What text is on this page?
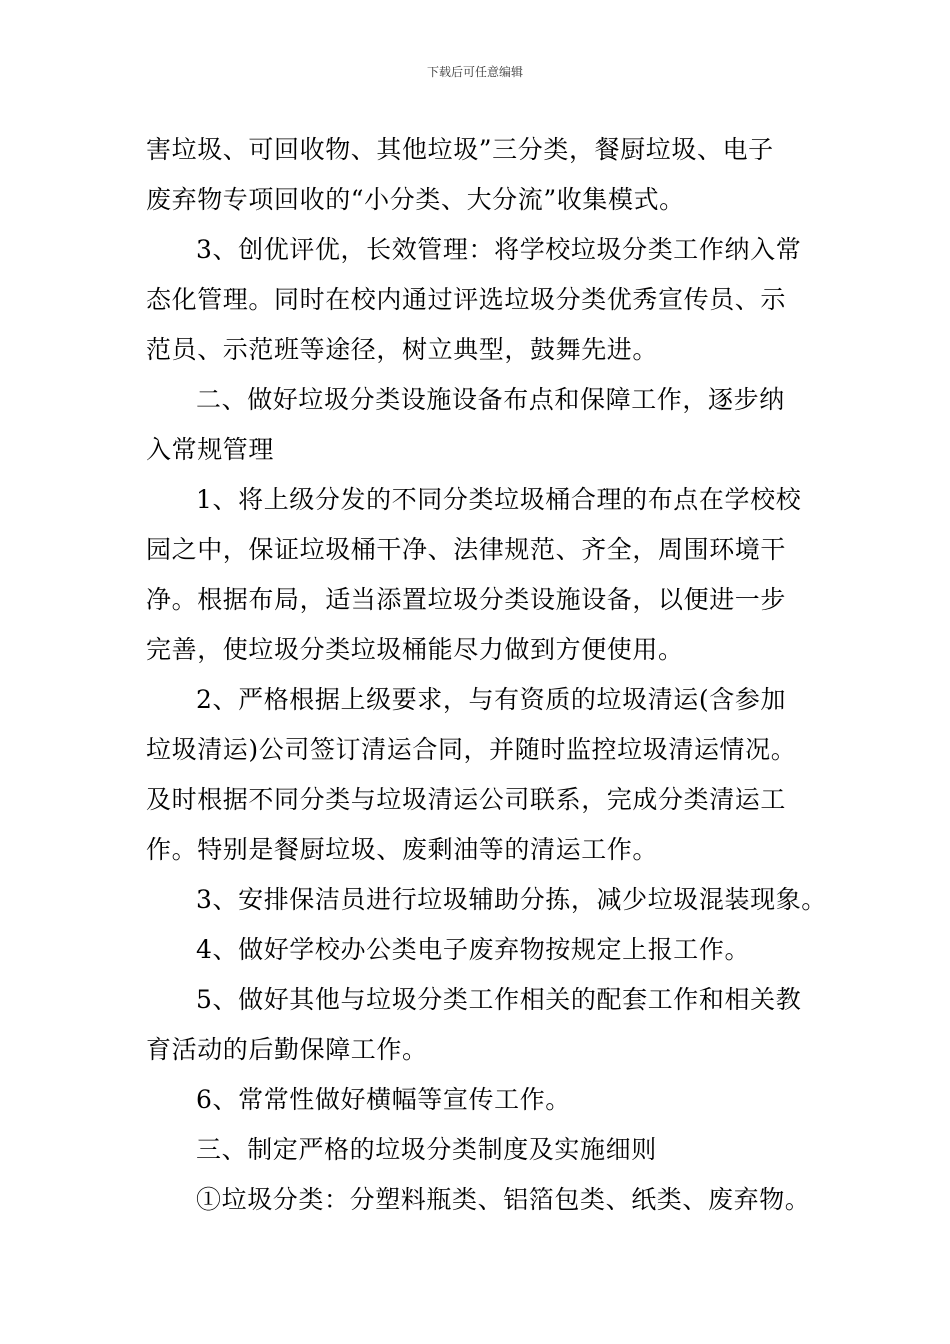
下载后可任意编辑
害垃圾、可回收物、其他垃圾”三分类，餐厨垃圾、电子
废弃物专项回收的“小分类、大分流”收集模式。
3、创优评优，长效管理：将学校垃圾分类工作纳入常
态化管理。同时在校内通过评选垃圾分类优秀宣传员、示
范员、示范班等途径，树立典型，鼓舞先进。
二、做好垃圾分类设施设备布点和保障工作，逐步纳
入常规管理
1、将上级分发的不同分类垃圾桶合理的布点在学校校
园之中，保证垃圾桶干净、法律规范、齐全，周围环境干
净。根据布局，适当添置垃圾分类设施设备，以便进一步
完善，使垃圾分类垃圾桶能尽力做到方便使用。
2、严格根据上级要求，与有资质的垃圾清运(含参加
垃圾清运)公司签订清运合同，并随时监控垃圾清运情况。
及时根据不同分类与垃圾清运公司联系，完成分类清运工
作。特别是餐厨垃圾、废剩油等的清运工作。
3、安排保洁员进行垃圾辅助分拣，减少垃圾混装现象。
4、做好学校办公类电子废弃物按规定上报工作。
5、做好其他与垃圾分类工作相关的配套工作和相关教
育活动的后勤保障工作。
6、常常性做好横幅等宣传工作。
三、制定严格的垃圾分类制度及实施细则
①垃圾分类：分塑料瓶类、铝箔包类、纸类、废弃物。
